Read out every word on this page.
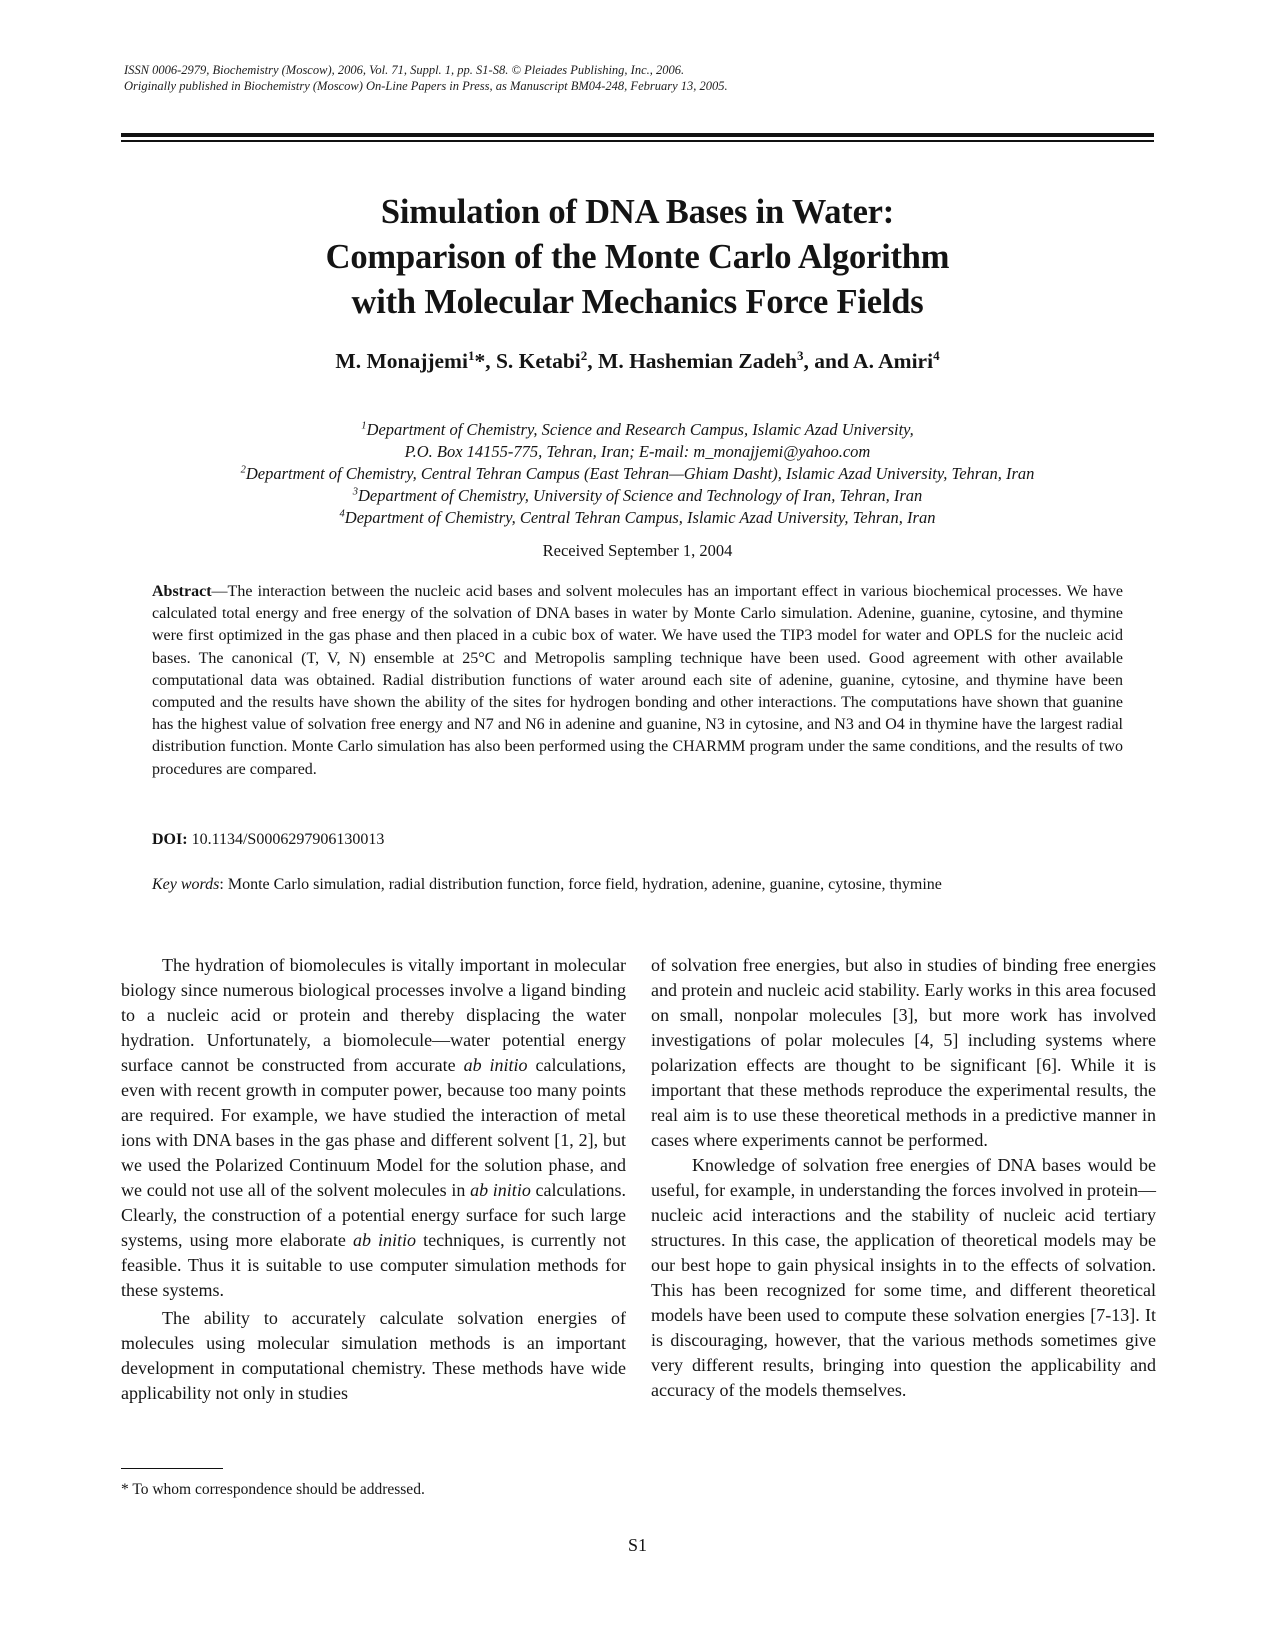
ISSN 0006-2979, Biochemistry (Moscow), 2006, Vol. 71, Suppl. 1, pp. S1-S8. © Pleiades Publishing, Inc., 2006.
Originally published in Biochemistry (Moscow) On-Line Papers in Press, as Manuscript BM04-248, February 13, 2005.
Simulation of DNA Bases in Water:
Comparison of the Monte Carlo Algorithm
with Molecular Mechanics Force Fields
M. Monajjemi$^1$*, S. Ketabi$^2$, M. Hashemian Zadeh$^3$, and A. Amiri$^4$
$^1$Department of Chemistry, Science and Research Campus, Islamic Azad University,
P.O. Box 14155-775, Tehran, Iran; E-mail: m_monajjemi@yahoo.com
$^2$Department of Chemistry, Central Tehran Campus (East Tehran—Ghiam Dasht), Islamic Azad University, Tehran, Iran
$^3$Department of Chemistry, University of Science and Technology of Iran, Tehran, Iran
$^4$Department of Chemistry, Central Tehran Campus, Islamic Azad University, Tehran, Iran
Received September 1, 2004
Abstract—The interaction between the nucleic acid bases and solvent molecules has an important effect in various biochemical processes. We have calculated total energy and free energy of the solvation of DNA bases in water by Monte Carlo simulation. Adenine, guanine, cytosine, and thymine were first optimized in the gas phase and then placed in a cubic box of water. We have used the TIP3 model for water and OPLS for the nucleic acid bases. The canonical (T, V, N) ensemble at 25°C and Metropolis sampling technique have been used. Good agreement with other available computational data was obtained. Radial distribution functions of water around each site of adenine, guanine, cytosine, and thymine have been computed and the results have shown the ability of the sites for hydrogen bonding and other interactions. The computations have shown that guanine has the highest value of solvation free energy and N7 and N6 in adenine and guanine, N3 in cytosine, and N3 and O4 in thymine have the largest radial distribution function. Monte Carlo simulation has also been performed using the CHARMM program under the same conditions, and the results of two procedures are compared.
DOI: 10.1134/S0006297906130013
Key words: Monte Carlo simulation, radial distribution function, force field, hydration, adenine, guanine, cytosine, thymine

The hydration of biomolecules is vitally important in molecular biology since numerous biological processes involve a ligand binding to a nucleic acid or protein and thereby displacing the water hydration. Unfortunately, a biomolecule—water potential energy surface cannot be constructed from accurate ab initio calculations, even with recent growth in computer power, because too many points are required. For example, we have studied the interaction of metal ions with DNA bases in the gas phase and different solvent [1, 2], but we used the Polarized Continuum Model for the solution phase, and we could not use all of the solvent molecules in ab initio calculations. Clearly, the construction of a potential energy surface for such large systems, using more elaborate ab initio techniques, is currently not feasible. Thus it is suitable to use computer simulation methods for these systems.

The ability to accurately calculate solvation energies of molecules using molecular simulation methods is an important development in computational chemistry. These methods have wide applicability not only in studies

of solvation free energies, but also in studies of binding free energies and protein and nucleic acid stability. Early works in this area focused on small, nonpolar molecules [3], but more work has involved investigations of polar molecules [4, 5] including systems where polarization effects are thought to be significant [6]. While it is important that these methods reproduce the experimental results, the real aim is to use these theoretical methods in a predictive manner in cases where experiments cannot be performed.

Knowledge of solvation free energies of DNA bases would be useful, for example, in understanding the forces involved in protein—nucleic acid interactions and the stability of nucleic acid tertiary structures. In this case, the application of theoretical models may be our best hope to gain physical insights in to the effects of solvation. This has been recognized for some time, and different theoretical models have been used to compute these solvation energies [7-13]. It is discouraging, however, that the various methods sometimes give very different results, bringing into question the applicability and accuracy of the models themselves.

* To whom correspondence should be addressed.
S1
